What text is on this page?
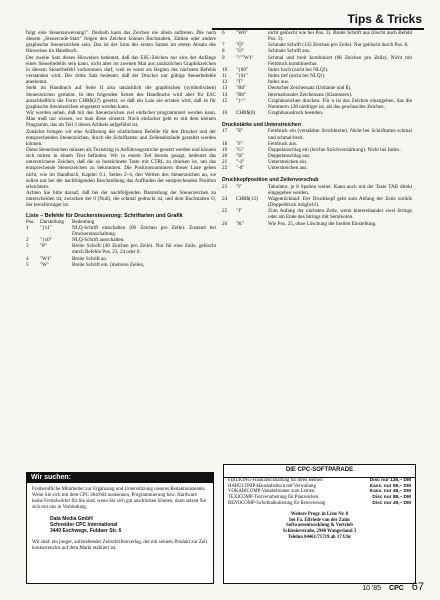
Tips & Tricks

folgt eine Steueranweisung!". Deshalb kann das Zeichen nie allein auftreten. Die nach diesem „Steuercode-Start" folgen den Zeichen können Buchstaben, Zahlen oder andere graphische Steuerzeichen sein. Das ist der Sinn des ersten Satzes im ersten Absatz des Hinweises im Handbuch.

Der zweite Satz dieses Hinweises bedeutet, daß das ESC-Zeichen nur eins der Anfänge eines Steuerbefehls sein kann, nicht aber im zweiten Mal aus zusätzlichen Graphikzeichen in diesem Steuerbefehl vorkommen darf, weil es sonst als Beginn des nächsten Befehls verstanden wird. Der dritte Satz bedeutet, daß der Drucker nur gültige Steuerbefehle anerkennt.

Steht im Handbuch auf Seite II also tatsächlich die graphischen (symbolischen) Steuerzeichen gemeint. In den folgenden Seiten des Handbuchs wird aber für ESC ausschließlich die Form CHR$(27) gesetzt, so daß ein Laie nie erraten wird, daß es für graphische Steuerzeichen eingesetzt werden kann.

Wir werden sehen, daß mit den Steuerzeichen viel einfacher programmiert werden kann. Man muß nur wissen, wo man diese einsetzt. Noch einfacher geht es mit dem kleinen Programm, das im Teil 3 dieses Artikels aufgeführt ist.

Zunächst bringen wir eine Auflistung der nützlichsten Befehle für den Drucker und der entsprechenden Steuerzeichen, durch die Schriftarten und Zeilenabstände gestaltet werden können.

Diese Steuerzeichen müssen als Textstring in Anführungsstriche gesetzt werden und können sich mitten in einem Text befinden. Wir in einem Teil bereits gesagt, bedeutet das unterstrichene Zeichen, daß die so bezeichnete Taste mit CTRL zu drücken ist, um das entsprechende Steuerzeichen zu bekommen. Die Positionsnummern dieser Liste gehen nicht, wie im Handbuch, Kapitel 9.1, Seiten 2–4, den Werten des Steuerzeichen an, sie sollen nur bei der nachfolgenden Beschreibung das Auffinden der entsprechenden Position erleichtern.

Achten Sie bitte darauf, daß bei der nachfolgenden Darstellung der Steuerzeichen zu unterscheiden ist, zwischen der 0 (Null), die schmal gedruckt ist, und dem Buchstaben O, der kreisförmiger ist.

Liste – Befehle für Druckersteuerung: Schriftarten und Grafik
Pos. Darstellung	Bedeutung
1	"}x1"	NLQ-Schrift einschalten (80 Zeichen pro Zeile). Zustand bei Druckereinschaltung.
2	"}x0"	NLQ-Schrift ausschalten.
3	"P"	Breite Schrift (40 Zeichen pro Zeile). Nur für eine Zeile, gelöscht durch Befehle Pos. 23, 24 oder 6.
4	"W1"	Breite Schrift an.
5	"W"	Breite Schrift ein. (mehrere Zeilen,
6	"W0"	nicht gelöscht wie bei Pos. 3). Breite Schrift aus (löscht auch Befehl Pos. 3).
7	"Ö"	Schmale Schrift (132 Zeichen pro Zeile). Nur gelöscht durch Pos. 8.
8	"Ö"	Schmale Schrift aus.
9	"!""W1"	Schmal und breit kombiniert (66 Zeichen pro Zeile). Nicht mit Fettdruck kombinierbar.
10	"}S0"	Index hoch (nicht bei NLQ!).
11	"}S1"	Index tief (nicht bei NLQ!).
12	"T"	Index aus.
13	"R0"	Deutscher Zeichensatz (Umlaute und ß).
14	"R0"	Internationaler Zeichensatz (Klammern).
15	"}="	Graphikzeichen drucken. Für n ist das Zeichen einzugeben, das die Nummern 128 niedriger ist, als das gewünschte Zeichen.
16	CHR$(0)	Graphikausdruck beenden.
Druckstärke und Unterstreichen
17	"E"	Fettdruck ein (verstärkte Strichbreite). Nicht bei Schriftarten schmal und schmal-breit.
18	"F"	Fettdruck aus.
19	"G"	Doppelanschlag ein (leichte Strichverstärkung). Nicht bei Index.
20	"H"	Doppelanschlag aus.
21	"-1"	Unterstreichen ein.
22	"-0"	Unterstreichen aus.
Druckkopfposition und Zeilenvorschub
23	"I"	Tabulator, je 8 Spalten weiter. Kann auch mit der Taste TAB direkt eingegeben werden.
24	CHR$(13)	Wagenrücklauf. Der Druckkopf geht zum Anfang der Zeile zurück (Doppeldruck möglich!).
25	"J"	Zum Anfang der nächsten Zeile, wenn hintereinander zwei Strings oder am Ende des Strings mit Semikolon.
26	"K"	Wie Pos. 25, ohne Löschung der breiten Einstellung.
Wir suchen:
Freiberufliche Mitarbeiter zur Ergänzung und Unterstützung unseres Redaktionsteams. Wenn Sie sich mit dem CPC 464/664 auskennen, Programmierung bzw. Hardware keine Fremdwörter für Sie sind, wenn Sie sich gut ausdrücken können, dann setzen Sie sich mit uns in Verbindung.
Data Media GmbH
Schneider CPC International
3440 Eschwege, Fuldaer Str. 6
Wir sind: ein junger, aufstrebender Zeitschriftenverlag, der mit seinem Produkt zur Zeit konkurrenzlos auf dem Markt etabliert ist.
DIE CPC-SOFTPARADE
FIBUKING-Finanzbuchhaltung für Ihren Betrieb	Disc nur 136,– DM
HABUCOMP-Haushaltsbuch mit Verwaltung	Kass. nur 58,– DM
VOKABICOMP-Vokabeltrainer zum Lernen	Kass. nur 48,– DM
TEXICOMP-Textverarbeitung für Planzeichen	Disc nur 88,– DM
RENOCOMP-Sofortkalkulierung für Renovierung	Disc nur 49,– DM
Weitere Progr. in Liste Nr. 8
bei Fa. Elfriede van der Zalm
Softwareentwicklung & Vertrieb
Schlesierstraße, 2948 Wangerland 3
Telefon 04461/71719 ab 17 Uhr
10 '85 CPC 67
